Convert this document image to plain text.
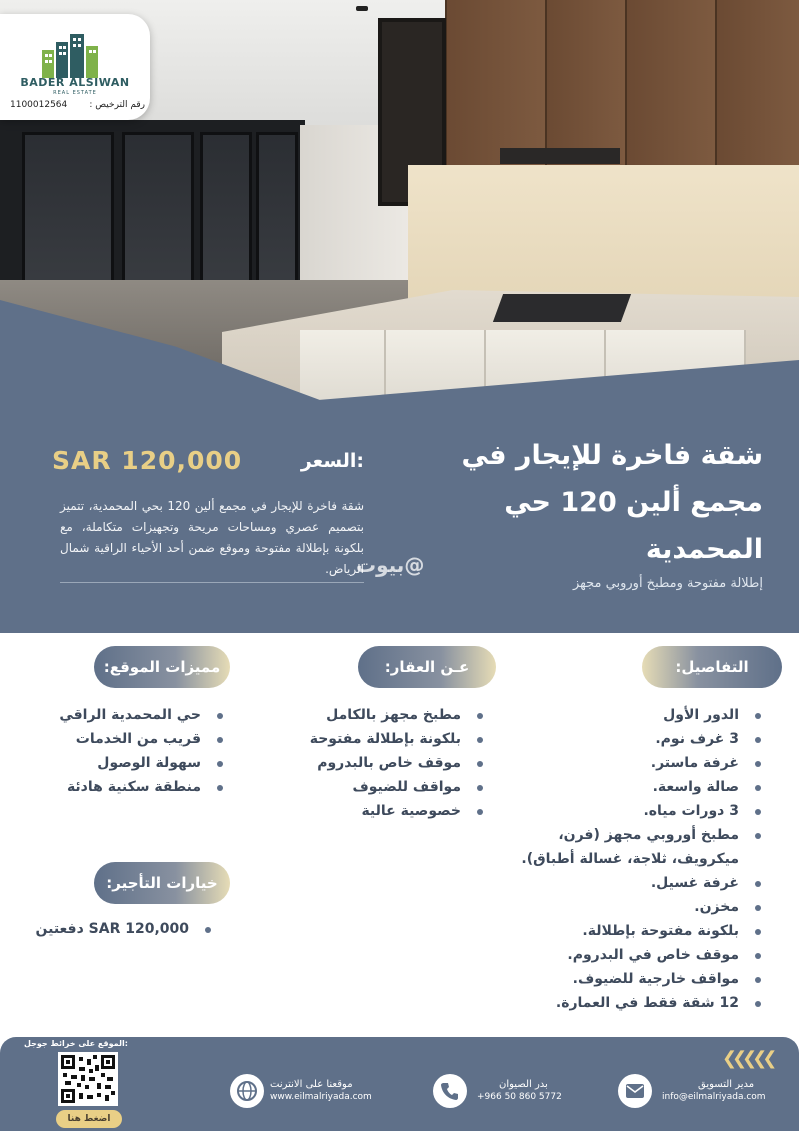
BADER ALSIWAN
REAL ESTATE
رقم الترخيص :
1100012564
شقة فاخرة للإيجار في
مجمع ألين 120 حي
المحمدية
إطلالة مفتوحة ومطبخ أوروبي مجهز
السعر:
SAR 120,000
شقة فاخرة للإيجار في مجمع ألين 120 بحي المحمدية، تتميز بتصميم عصري ومساحات مريحة وتجهيزات متكاملة، مع بلكونة بإطلالة مفتوحة وموقع ضمن أحد الأحياء الراقية شمال الرياض.
بيوت@
التفاصيل:
الدور الأول
3 غرف نوم.
غرفة ماستر.
صالة واسعة.
3 دورات مياه.
مطبخ أوروبي مجهز (فرن، ميكرويف، ثلاجة، غسالة أطباق).
غرفة غسيل.
مخزن.
بلكونة مفتوحة بإطلالة.
موقف خاص في البدروم.
مواقف خارجية للضيوف.
12 شقة فقط في العمارة.
عـن العقار:
مطبخ مجهز بالكامل
بلكونة بإطلالة مفتوحة
موقف خاص بالبدروم
مواقف للضيوف
خصوصية عالية
مميزات الموقع:
حي المحمدية الراقي
قريب من الخدمات
سهولة الوصول
منطقة سكنية هادئة
خيارات التأجير:
SAR 120,000 دفعتين
الموقع على خرائط جوجل:
اضغط هنا
❮❮❮❮❮
موقعنا على الانترنت
www.eilmalriyada.com
بدر الصيوان
+966 50 860 5772
مدير التسويق
info@eilmalriyada.com
